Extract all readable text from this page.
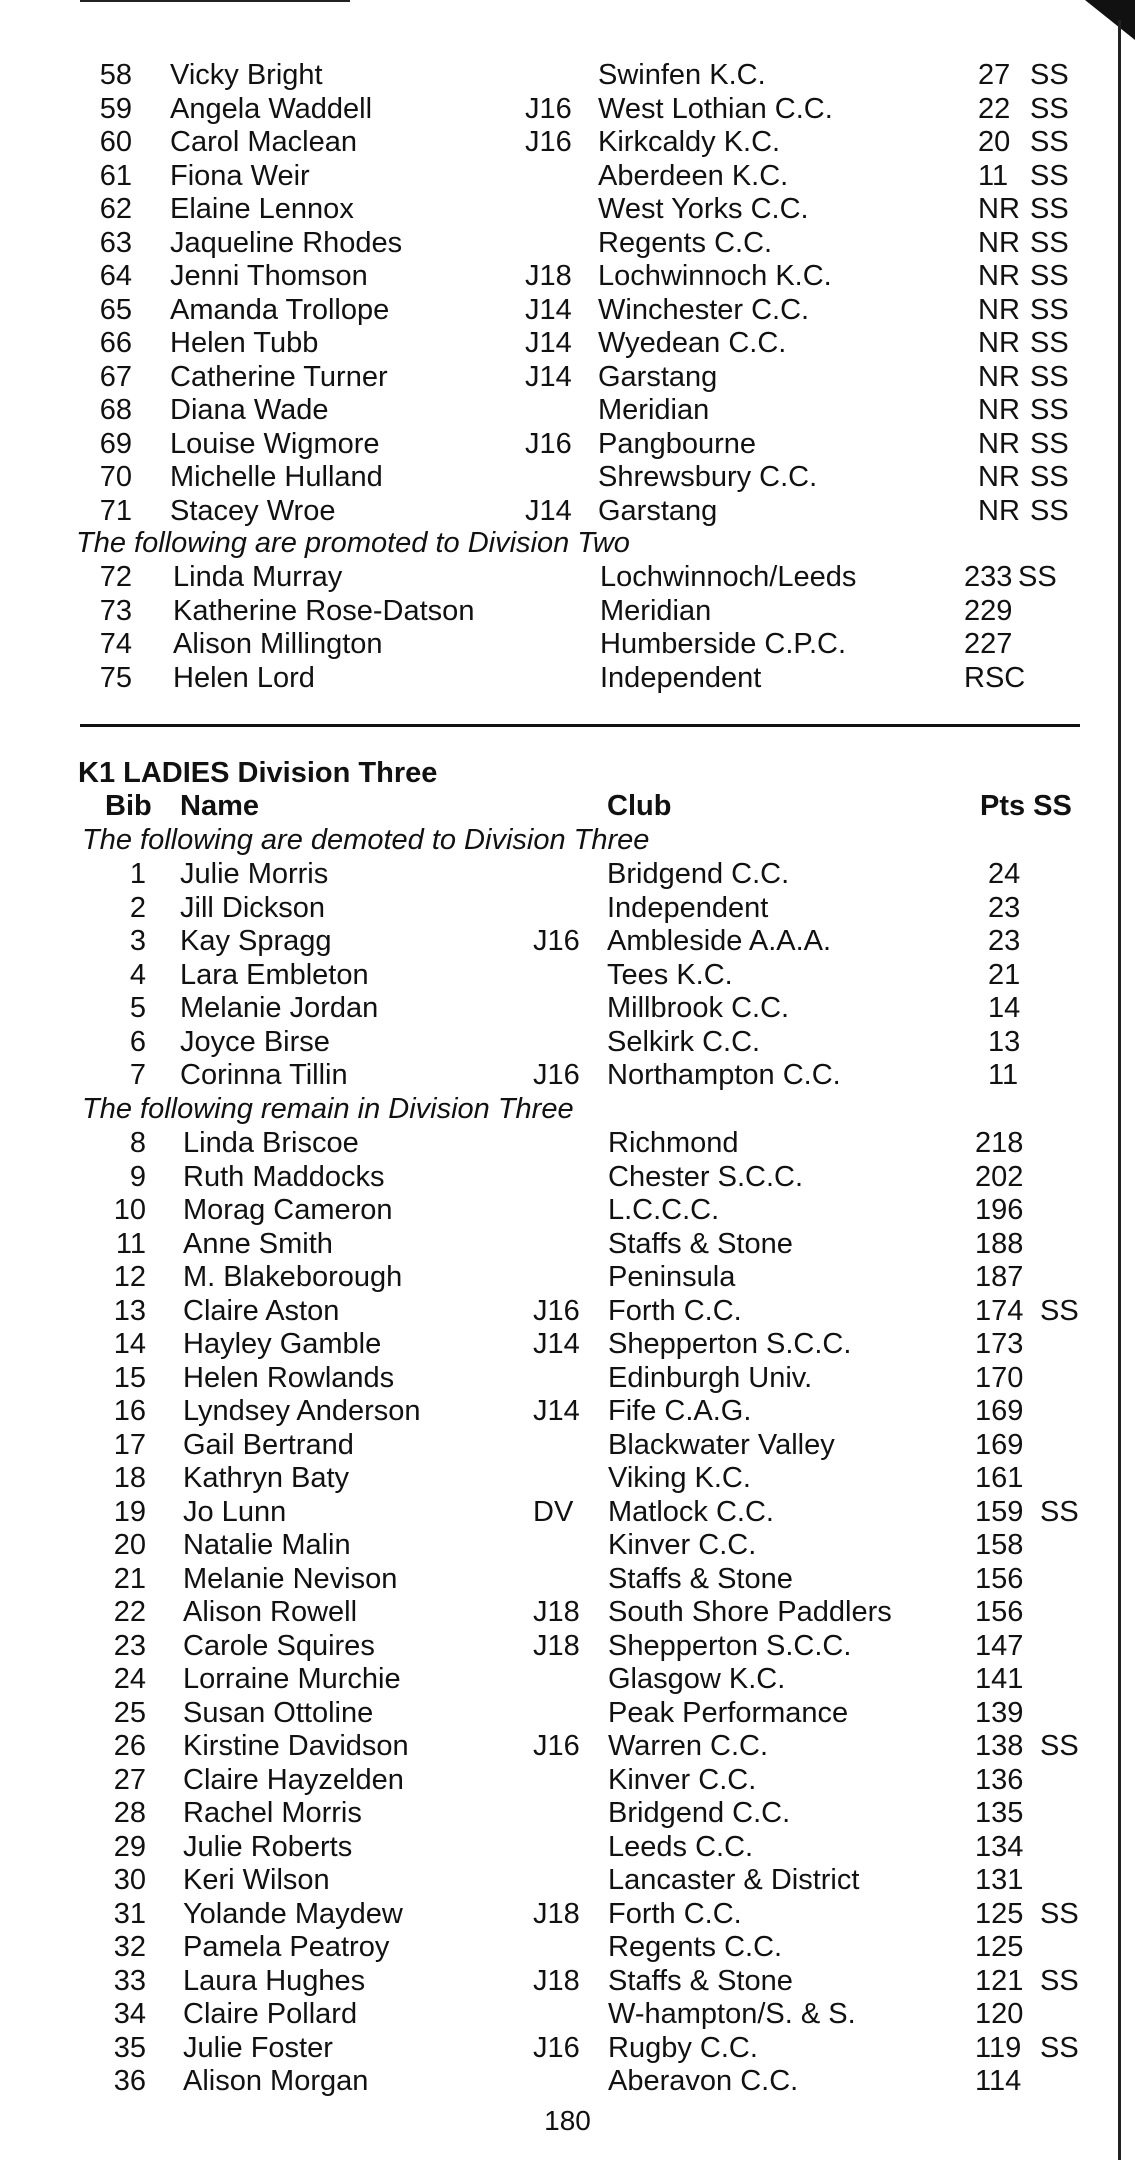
58 Vicky Bright	Swinfen K.C.	27 SS
59 Angela Waddell	J16 West Lothian C.C.	22 SS
60 Carol Maclean	J16 Kirkcaldy K.C.	20 SS
61 Fiona Weir	Aberdeen K.C.	11 SS
62 Elaine Lennox	West Yorks C.C.	NR SS
63 Jaqueline Rhodes	Regents C.C.	NR SS
64 Jenni Thomson	J18 Lochwinnoch K.C.	NR SS
65 Amanda Trollope	J14 Winchester C.C.	NR SS
66 Helen Tubb	J14 Wyedean C.C.	NR SS
67 Catherine Turner	J14 Garstang	NR SS
68 Diana Wade	Meridian	NR SS
69 Louise Wigmore	J16 Pangbourne	NR SS
70 Michelle Hulland	Shrewsbury C.C.	NR SS
71 Stacey Wroe	J14 Garstang	NR SS
The following are promoted to Division Two
72 Linda Murray	Lochwinnoch/Leeds	233 SS
73 Katherine Rose-Datson	Meridian	229
74 Alison Millington	Humberside C.P.C.	227
75 Helen Lord	Independent	RSC
K1 LADIES Division Three
Bib Name	Club	Pts SS
The following are demoted to Division Three
1 Julie Morris	Bridgend C.C.	24
2 Jill Dickson	Independent	23
3 Kay Spragg	J16 Ambleside A.A.A.	23
4 Lara Embleton	Tees K.C.	21
5 Melanie Jordan	Millbrook C.C.	14
6 Joyce Birse	Selkirk C.C.	13
7 Corinna Tillin	J16 Northampton C.C.	11
The following remain in Division Three
8 Linda Briscoe	Richmond	218
9 Ruth Maddocks	Chester S.C.C.	202
10 Morag Cameron	L.C.C.C.	196
11 Anne Smith	Staffs & Stone	188
12 M. Blakeborough	Peninsula	187
13 Claire Aston	J16 Forth C.C.	174 SS
14 Hayley Gamble	J14 Shepperton S.C.C.	173
15 Helen Rowlands	Edinburgh Univ.	170
16 Lyndsey Anderson	J14 Fife C.A.G.	169
17 Gail Bertrand	Blackwater Valley	169
18 Kathryn Baty	Viking K.C.	161
19 Jo Lunn	DV Matlock C.C.	159 SS
20 Natalie Malin	Kinver C.C.	158
21 Melanie Nevison	Staffs & Stone	156
22 Alison Rowell	J18 South Shore Paddlers	156
23 Carole Squires	J18 Shepperton S.C.C.	147
24 Lorraine Murchie	Glasgow K.C.	141
25 Susan Ottoline	Peak Performance	139
26 Kirstine Davidson	J16 Warren C.C.	138 SS
27 Claire Hayzelden	Kinver C.C.	136
28 Rachel Morris	Bridgend C.C.	135
29 Julie Roberts	Leeds C.C.	134
30 Keri Wilson	Lancaster & District	131
31 Yolande Maydew	J18 Forth C.C.	125 SS
32 Pamela Peatroy	Regents C.C.	125
33 Laura Hughes	J18 Staffs & Stone	121 SS
34 Claire Pollard	W-hampton/S. & S.	120
35 Julie Foster	J16 Rugby C.C.	119 SS
36 Alison Morgan	Aberavon C.C.	114
180
